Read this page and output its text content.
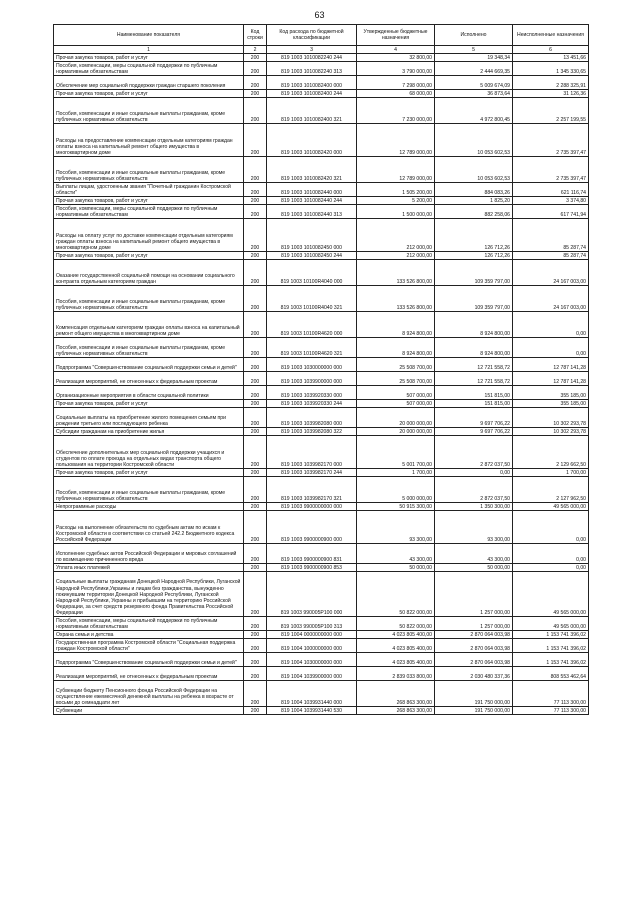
63
Наименование показателя	Код строки	Код расхода по бюджетной классификации	Утвержденные бюджетные назначения	Исполнено	Неисполненные назначения
1	2	3	4	5	6
Прочая закупка товаров, работ и услуг	200	819 1003 1010082240 244	32 800,00	19 348,34	13 451,66
Пособия, компенсации, меры социальной поддержки по публичным нормативным обязательствам	200	819 1003 1010082240 313	3 790 000,00	2 444 669,35	1 345 330,65
Обеспечение мер социальной поддержки граждан старшего поколения	200	819 1003 1010082400 000	7 298 000,00	5 009 674,09	2 288 325,91
Прочая закупка товаров, работ и услуг	200	819 1003 1010082400 244	68 000,00	36 873,64	31 126,36
Пособия, компенсации и иные социальные выплаты гражданам, кроме публичных нормативных обязательств	200	819 1003 1010082400 321	7 230 000,00	4 972 800,45	2 257 199,55
Расходы на предоставление компенсации отдельным категориям граждан оплаты взноса на капитальный ремонт общего имущества в многоквартирном доме	200	819 1003 1010082420 000	12 789 000,00	10 053 602,53	2 735 397,47
Пособия, компенсации и иные социальные выплаты гражданам, кроме публичных нормативных обязательств	200	819 1003 1010082420 321	12 789 000,00	10 053 602,53	2 735 397,47
Выплаты лицам, удостоенным звания "Почетный гражданин Костромской области"	200	819 1003 1010082440 000	1 505 200,00	884 083,26	621 116,74
Прочая закупка товаров, работ и услуг	200	819 1003 1010082440 244	5 200,00	1 825,20	3 374,80
Пособия, компенсации, меры социальной поддержки по публичным нормативным обязательствам	200	819 1003 1010082440 313	1 500 000,00	882 258,06	617 741,94
Расходы на оплату услуг по доставке компенсации отдельным категориям граждан оплаты взноса на капитальный ремонт общего имущества в многоквартирном доме	200	819 1003 1010082450 000	212 000,00	126 712,26	85 287,74
Прочая закупка товаров, работ и услуг	200	819 1003 1010082450 244	212 000,00	126 712,26	85 287,74
Оказание государственной социальной помощи на основании социального контракта отдельным категориям граждан	200	819 1003 10100R4040 000	133 526 800,00	109 359 797,00	24 167 003,00
Пособия, компенсации и иные социальные выплаты гражданам, кроме публичных нормативных обязательств	200	819 1003 10100R4040 321	133 526 800,00	109 359 797,00	24 167 003,00
Компенсация отдельным категориям граждан оплаты взноса на капитальный ремонт общего имущества в многоквартирном доме	200	819 1003 10100R4620 000	8 924 800,00	8 924 800,00	0,00
Пособия, компенсации и иные социальные выплаты гражданам, кроме публичных нормативных обязательств	200	819 1003 10100R4620 321	8 924 800,00	8 924 800,00	0,00
Подпрограмма "Совершенствование социальной поддержки семьи и детей"	200	819 1003 1030000000 000	25 508 700,00	12 721 558,72	12 787 141,28
Реализация мероприятий, не отнесенных к федеральным проектам	200	819 1003 1039900000 000	25 508 700,00	12 721 558,72	12 787 141,28
Организационные мероприятия в области социальной политики	200	819 1003 1039920330 000	507 000,00	151 815,00	355 185,00
Прочая закупка товаров, работ и услуг	200	819 1003 1039920330 244	507 000,00	151 815,00	355 185,00
Социальные выплаты на приобретение жилого помещения семьям при рождении третьего или последующего ребенка	200	819 1003 1039982080 000	20 000 000,00	9 697 706,22	10 302 293,78
Субсидии гражданам на приобретение жилья	200	819 1003 1039982080 322	20 000 000,00	9 697 706,22	10 302 293,78
Обеспечение дополнительных мер социальной поддержки учащихся и студентов по оплате проезда на отдельных видах транспорта общего пользования на территории Костромской области	200	819 1003 1039982170 000	5 001 700,00	2 872 037,50	2 129 662,50
Прочая закупка товаров, работ и услуг	200	819 1003 1039982170 244	1 700,00	0,00	1 700,00
Пособия, компенсации и иные социальные выплаты гражданам, кроме публичных нормативных обязательств	200	819 1003 1039982170 321	5 000 000,00	2 872 037,50	2 127 962,50
Непрограммные расходы	200	819 1003 9900000000 000	50 915 300,00	1 350 300,00	49 565 000,00
Расходы на выполнение обязательств по судебным актам по искам к Костромской области в соответствии со статьей 242.2 Бюджетного кодекса Российской Федерации	200	819 1003 9900000900 000	93 300,00	93 300,00	0,00
Исполнение судебных актов Российской Федерации и мировых соглашений по возмещению причиненного вреда	200	819 1003 9900000900 831	43 300,00	43 300,00	0,00
Уплата иных платежей	200	819 1003 9900000900 853	50 000,00	50 000,00	0,00
Социальные выплаты гражданам Донецкой Народной Республики, Луганской Народной Республики,Украины и лицам без гражданства, вынужденно покинувшим территории Донецкой Народной Республики, Луганской Народной Республики, Украины и прибывшим на территорию Российской Федерации, за счет средств резервного фонда Правительства Российской Федерации	200	819 1003 990005P100 000	50 822 000,00	1 257 000,00	49 565 000,00
Пособия, компенсации, меры социальной поддержки по публичным нормативным обязательствам	200	819 1003 990005P100 313	50 822 000,00	1 257 000,00	49 565 000,00
Охрана семьи и детства	200	819 1004 0000000000 000	4 023 805 400,00	2 870 064 003,98	1 153 741 396,02
Государственная программа Костромской области "Социальная поддержка граждан Костромской области"	200	819 1004 1000000000 000	4 023 805 400,00	2 870 064 003,98	1 153 741 396,02
Подпрограмма "Совершенствование социальной поддержки семьи и детей"	200	819 1004 1030000000 000	4 023 805 400,00	2 870 064 003,98	1 153 741 396,02
Реализация мероприятий, не отнесенных к федеральным проектам	200	819 1004 1039900000 000	2 839 033 800,00	2 030 480 337,36	808 553 462,64
Субвенции бюджету Пенсионного фонда Российской Федерации на осуществление ежемесячной денежной выплаты на ребенка в возрасте от восьми до семнадцати лет	200	819 1004 1039931440 000	268 863 300,00	191 750 000,00	77 113 300,00
Субвенции	200	819 1004 1039931440 530	268 863 300,00	191 750 000,00	77 113 300,00
